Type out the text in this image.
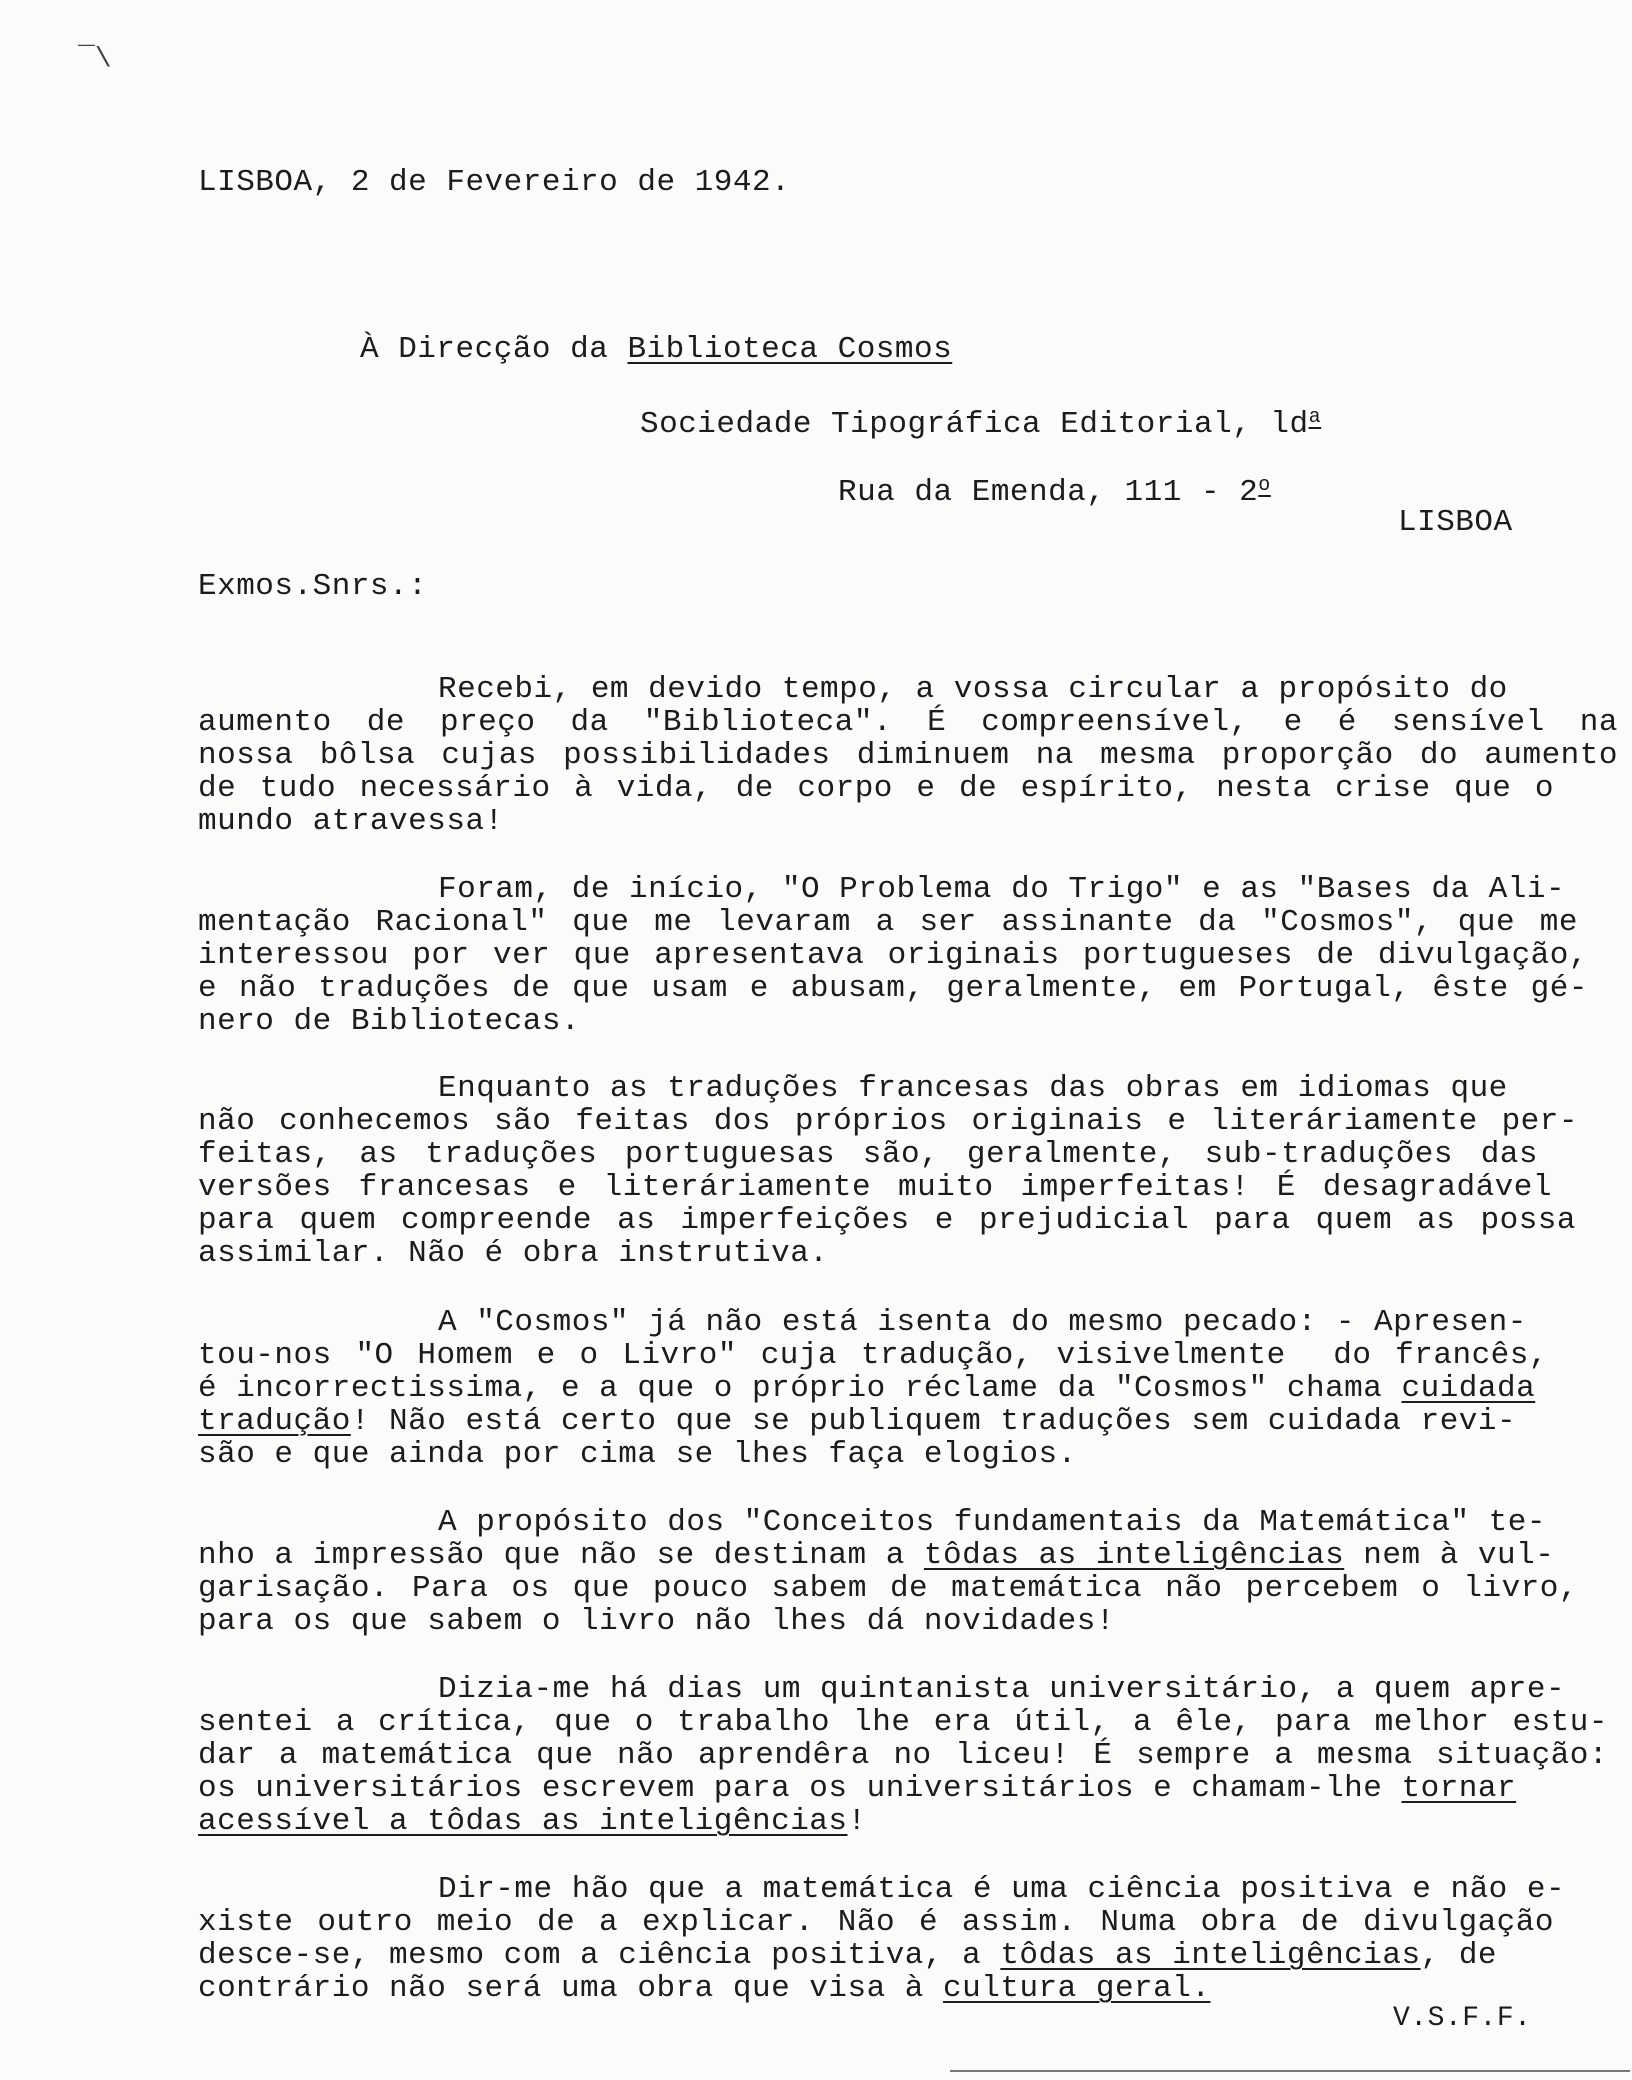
‾\
LISBOA, 2 de Fevereiro de 1942.
À Direcção da Biblioteca Cosmos
Sociedade Tipográfica Editorial, $ld^a$
Rua da Emenda, 111 - 2$^o$
LISBOA
Exmos.Snrs.:
Recebi, em devido tempo, a vossa circular a propósito do
aumento de preço da "Biblioteca". É compreensível, e é sensível na
nossa bôlsa cujas possibilidades diminuem na mesma proporção do aumento
de tudo necessário à vida, de corpo e de espírito, nesta crise que o
mundo atravessa!
Foram, de início, "O Problema do Trigo" e as "Bases da Ali-
mentação Racional" que me levaram a ser assinante da "Cosmos", que me
interessou por ver que apresentava originais portugueses de divulgação,
e não traduções de que usam e abusam, geralmente, em Portugal, êste gé-
nero de Bibliotecas.
Enquanto as traduções francesas das obras em idiomas que
não conhecemos são feitas dos próprios originais e literáriamente per-
feitas, as traduções portuguesas são, geralmente, sub-traduções das
versões francesas e literáriamente muito imperfeitas! É desagradável
para quem compreende as imperfeições e prejudicial para quem as possa
assimilar. Não é obra instrutiva.
A "Cosmos" já não está isenta do mesmo pecado: - Apresen-
tou-nos "O Homem e o Livro" cuja tradução, visivelmente  do francês,
é incorrectissima, e a que o próprio réclame da "Cosmos" chama cuidada
tradução! Não está certo que se publiquem traduções sem cuidada revi-
são e que ainda por cima se lhes faça elogios.
A propósito dos "Conceitos fundamentais da Matemática" te-
nho a impressão que não se destinam a tôdas as inteligências nem à vul-
garisação. Para os que pouco sabem de matemática não percebem o livro,
para os que sabem o livro não lhes dá novidades!
Dizia-me há dias um quintanista universitário, a quem apre-
sentei a crítica, que o trabalho lhe era útil, a êle, para melhor estu-
dar a matemática que não aprendêra no liceu! É sempre a mesma situação:
os universitários escrevem para os universitários e chamam-lhe tornar
acessível a tôdas as inteligências!
Dir-me hão que a matemática é uma ciência positiva e não e-
xiste outro meio de a explicar. Não é assim. Numa obra de divulgação
desce-se, mesmo com a ciência positiva, a tôdas as inteligências, de
contrário não será uma obra que visa à cultura geral.
V.S.F.F.
